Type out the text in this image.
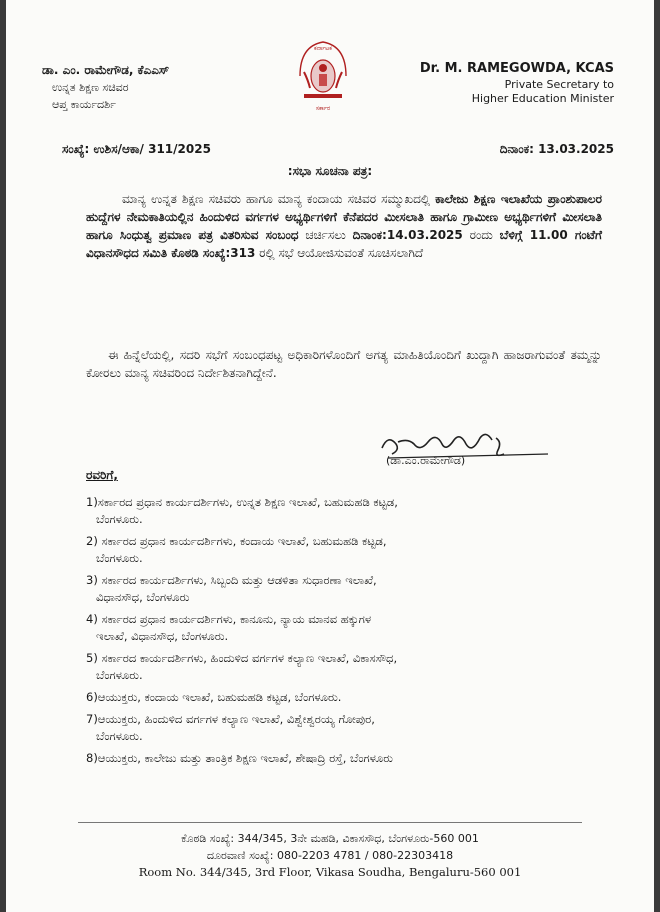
ಡಾ. ಎಂ. ರಾಮೇಗೌಡ, ಕೆಎಎಸ್
ಉನ್ನತ ಶಿಕ್ಷಣ ಸಚಿವರ
ಆಪ್ತ ಕಾರ್ಯದರ್ಶಿ
ಕರ್ನಾಟಕ
ಸರ್ಕಾರ
Dr. M. RAMEGOWDA, KCAS
Private Secretary to
Higher Education Minister
ಸಂಖ್ಯೆ: ಉಶಿಸ/ಆಕಾ/ 311/2025	ದಿನಾಂಕ: 13.03.2025
:ಸಭಾ ಸೂಚನಾ ಪತ್ರ:
ಮಾನ್ಯ ಉನ್ನತ ಶಿಕ್ಷಣ ಸಚಿವರು ಹಾಗೂ ಮಾನ್ಯ ಕಂದಾಯ ಸಚಿವರ ಸಮ್ಮುಖದಲ್ಲಿ ಕಾಲೇಜು ಶಿಕ್ಷಣ ಇಲಾಖೆಯ ಪ್ರಾಂಶುಪಾಲರ ಹುದ್ದೆಗಳ ನೇಮಕಾತಿಯಲ್ಲಿನ ಹಿಂದುಳಿದ ವರ್ಗಗಳ ಅಭ್ಯರ್ಥಿಗಳಿಗೆ ಕೆನೆಪದರ ಮೀಸಲಾತಿ ಹಾಗೂ ಗ್ರಾಮೀಣ ಅಭ್ಯರ್ಥಿಗಳಿಗೆ ಮೀಸಲಾತಿ ಹಾಗೂ ಸಿಂಧುತ್ವ ಪ್ರಮಾಣ ಪತ್ರ ವಿತರಿಸುವ ಸಂಬಂಧ ಚರ್ಚಿಸಲು ದಿನಾಂಕ:14.03.2025 ರಂದು ಬೆಳಿಗ್ಗೆ 11.00 ಗಂಟೆಗೆ ವಿಧಾನಸೌಧದ ಸಮಿತಿ ಕೊಠಡಿ ಸಂಖ್ಯೆ:313 ರಲ್ಲಿ ಸಭೆ ಆಯೋಜಿಸುವಂತೆ ಸೂಚಿಸಲಾಗಿದೆ
ಈ ಹಿನ್ನೆಲೆಯಲ್ಲಿ, ಸದರಿ ಸಭೆಗೆ ಸಂಬಂಧಪಟ್ಟ ಅಧಿಕಾರಿಗಳೊಂದಿಗೆ ಅಗತ್ಯ ಮಾಹಿತಿಯೊಂದಿಗೆ ಖುದ್ದಾಗಿ ಹಾಜರಾಗುವಂತೆ ತಮ್ಮನ್ನು ಕೋರಲು ಮಾನ್ಯ ಸಚಿವರಿಂದ ನಿರ್ದೇಶಿತನಾಗಿದ್ದೇನೆ.
(ಡಾ.ಎಂ.ರಾಮೇಗೌಡ)
ರವರಿಗೆ,
1)ಸರ್ಕಾರದ ಪ್ರಧಾನ ಕಾರ್ಯದರ್ಶಿಗಳು, ಉನ್ನತ ಶಿಕ್ಷಣ ಇಲಾಖೆ, ಬಹುಮಹಡಿ ಕಟ್ಟಡ,
ಬೆಂಗಳೂರು.
2) ಸರ್ಕಾರದ ಪ್ರಧಾನ ಕಾರ್ಯದರ್ಶಿಗಳು, ಕಂದಾಯ ಇಲಾಖೆ, ಬಹುಮಹಡಿ ಕಟ್ಟಡ,
ಬೆಂಗಳೂರು.
3) ಸರ್ಕಾರದ ಕಾರ್ಯದರ್ಶಿಗಳು, ಸಿಬ್ಬಂದಿ ಮತ್ತು ಆಡಳಿತಾ ಸುಧಾರಣಾ ಇಲಾಖೆ,
ವಿಧಾನಸೌಧ, ಬೆಂಗಳೂರು
4) ಸರ್ಕಾರದ ಪ್ರಧಾನ ಕಾರ್ಯದರ್ಶಿಗಳು, ಕಾನೂನು, ನ್ಯಾಯ ಮಾನವ ಹಕ್ಕುಗಳ
ಇಲಾಖೆ, ವಿಧಾನಸೌಧ, ಬೆಂಗಳೂರು.
5) ಸರ್ಕಾರದ ಕಾರ್ಯದರ್ಶಿಗಳು, ಹಿಂದುಳಿದ ವರ್ಗಗಳ ಕಲ್ಯಾಣ ಇಲಾಖೆ, ವಿಕಾಸಸೌಧ,
ಬೆಂಗಳೂರು.
6)ಆಯುಕ್ತರು, ಕಂದಾಯ ಇಲಾಖೆ, ಬಹುಮಹಡಿ ಕಟ್ಟಡ, ಬೆಂಗಳೂರು.
7)ಆಯುಕ್ತರು, ಹಿಂದುಳಿದ ವರ್ಗಗಳ ಕಲ್ಯಾಣ ಇಲಾಖೆ, ವಿಶ್ವೇಶ್ವರಯ್ಯ ಗೋಪುರ,
ಬೆಂಗಳೂರು.
8)ಆಯುಕ್ತರು, ಕಾಲೇಜು ಮತ್ತು ತಾಂತ್ರಿಕ ಶಿಕ್ಷಣ ಇಲಾಖೆ, ಶೇಷಾದ್ರಿ ರಸ್ತೆ, ಬೆಂಗಳೂರು
ಕೊಠಡಿ ಸಂಖ್ಯೆ: 344/345, 3ನೇ ಮಹಡಿ, ವಿಕಾಸಸೌಧ, ಬೆಂಗಳೂರು-560 001
ದೂರವಾಣಿ ಸಂಖ್ಯೆ: 080-2203 4781 / 080-22303418
Room No. 344/345, 3rd Floor, Vikasa Soudha, Bengaluru-560 001
